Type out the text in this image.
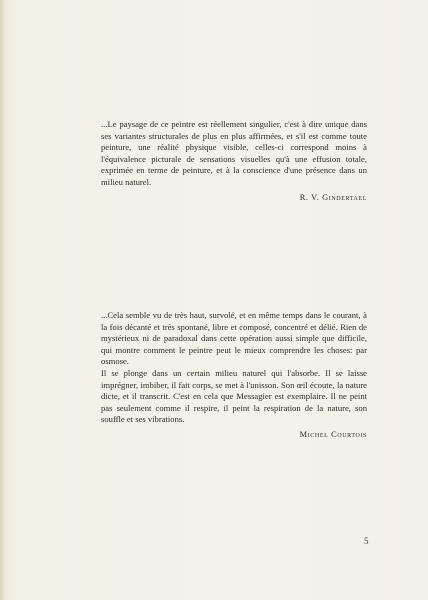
...Le paysage de ce peintre est réellement singulier, c'est à dire unique dans ses variantes structurales de plus en plus affirmées, et s'il est comme toute peinture, une réalité physique visible, celles-ci correspond moins à l'équivalence picturale de sensations visuelles qu'à une effusion totale, exprimée en terme de peinture, et à la conscience d'une présence dans un milieu naturel.

R. V. Gindertael

...Cela semble vu de très haut, survolé, et en même temps dans le courant, à la fois décanté et très spontané, libre et composé, concentré et délié. Rien de mystérieux ni de paradoxal dans cette opération aussi simple que difficile, qui montre comment le peintre peut le mieux comprendre les choses: par osmose.

Il se plonge dans un certain milieu naturel qui l'absorbe. Il se laisse imprégner, imbiber, il fait corps, se met à l'unisson. Son œil écoute, la nature dicte, et il transcrit. C'est en cela que Messagier est exemplaire. Il ne peint pas seulement comme il respire, il peint la respiration de la nature, son souffle et ses vibrations.

Michel Courtois
5
